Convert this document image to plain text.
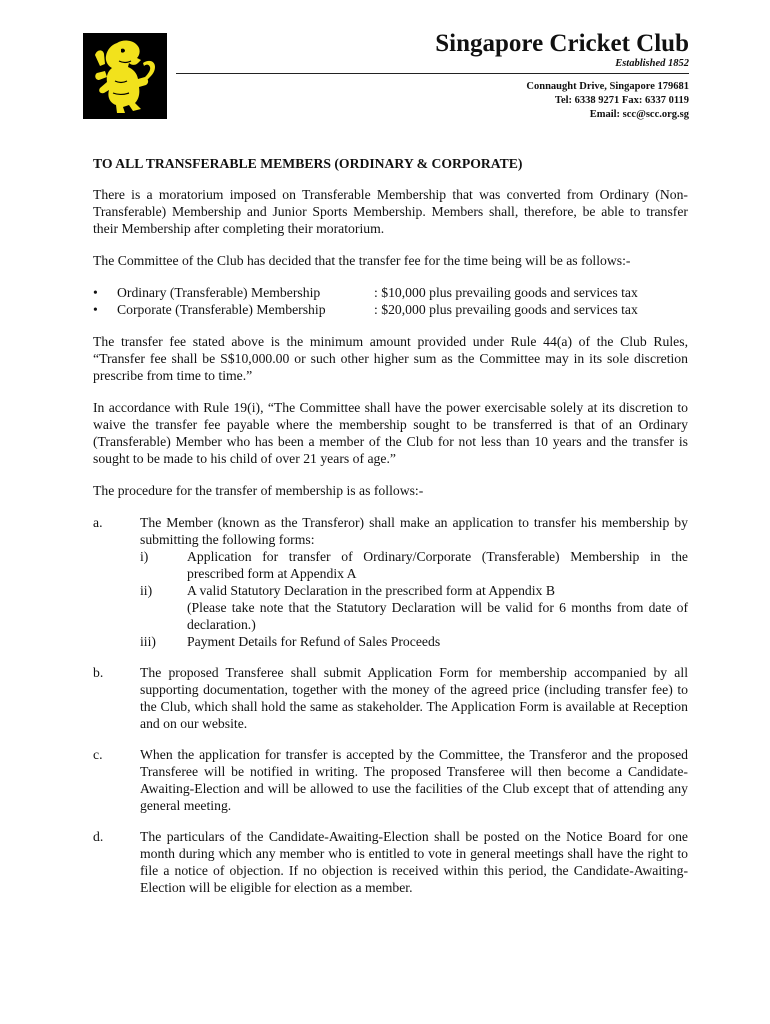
Singapore Cricket Club
Established 1852
Connaught Drive, Singapore 179681
Tel: 6338 9271 Fax: 6337 0119
Email: scc@scc.org.sg
TO ALL TRANSFERABLE MEMBERS (ORDINARY & CORPORATE)

There is a moratorium imposed on Transferable Membership that was converted from Ordinary (Non-Transferable) Membership and Junior Sports Membership. Members shall, therefore, be able to transfer their Membership after completing their moratorium.

The Committee of the Club has decided that the transfer fee for the time being will be as follows:-

•	Ordinary (Transferable) Membership	: $10,000 plus prevailing goods and services tax
•	Corporate (Transferable) Membership	: $20,000 plus prevailing goods and services tax

The transfer fee stated above is the minimum amount provided under Rule 44(a) of the Club Rules, “Transfer fee shall be S$10,000.00 or such other higher sum as the Committee may in its sole discretion prescribe from time to time.”

In accordance with Rule 19(i), “The Committee shall have the power exercisable solely at its discretion to waive the transfer fee payable where the membership sought to be transferred is that of an Ordinary (Transferable) Member who has been a member of the Club for not less than 10 years and the transfer is sought to be made to his child of over 21 years of age.”

The procedure for the transfer of membership is as follows:-

a.	The Member (known as the Transferor) shall make an application to transfer his membership by submitting the following forms:
i)	Application for transfer of Ordinary/Corporate (Transferable) Membership in the prescribed form at Appendix A
ii)	A valid Statutory Declaration in the prescribed form at Appendix B
(Please take note that the Statutory Declaration will be valid for 6 months from date of declaration.)
iii)	Payment Details for Refund of Sales Proceeds
b.	The proposed Transferee shall submit Application Form for membership accompanied by all supporting documentation, together with the money of the agreed price (including transfer fee) to the Club, which shall hold the same as stakeholder. The Application Form is available at Reception and on our website.
c.	When the application for transfer is accepted by the Committee, the Transferor and the proposed Transferee will be notified in writing. The proposed Transferee will then become a Candidate-Awaiting-Election and will be allowed to use the facilities of the Club except that of attending any general meeting.
d.	The particulars of the Candidate-Awaiting-Election shall be posted on the Notice Board for one month during which any member who is entitled to vote in general meetings shall have the right to file a notice of objection. If no objection is received within this period, the Candidate-Awaiting-Election will be eligible for election as a member.
